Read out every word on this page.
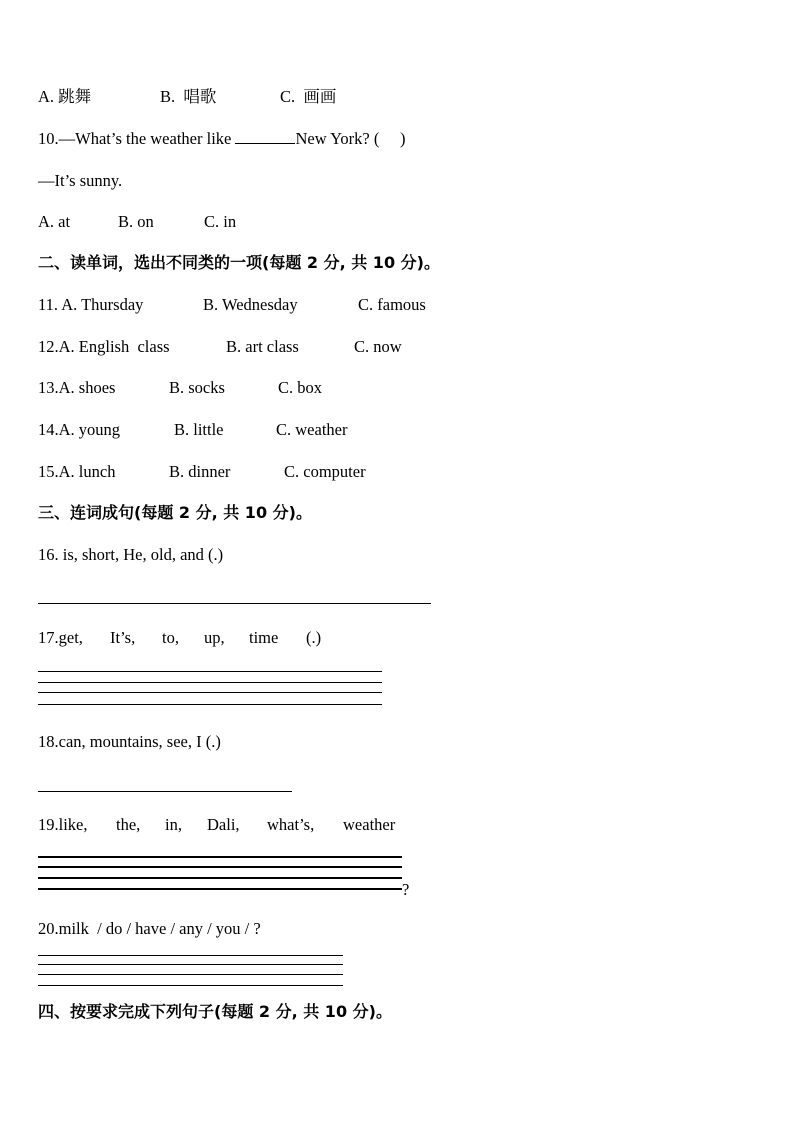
A. 跳舞	B.  唱歌	C.  画画
10.—What’s the weather like	New York? (     )
—It’s sunny.
A. at	B. on	C. in
二、读单词，选出不同类的一项(每题 2 分, 共 10 分)。
11. A. Thursday	B. Wednesday	C. famous
12.A. English  class	B. art class	C. now
13.A. shoes	B. socks	C. box
14.A. young	B. little	C. weather
15.A. lunch	B. dinner	C. computer
三、连词成句(每题 2 分, 共 10 分)。
16. is, short, He, old, and (.)
17.get, It’s, to, up, time (.)
18.can, mountains, see, I (.)
19.like, the, in, Dali, what’s, weather
?
20.milk  / do / have / any / you / ?
四、按要求完成下列句子(每题 2 分, 共 10 分)。
